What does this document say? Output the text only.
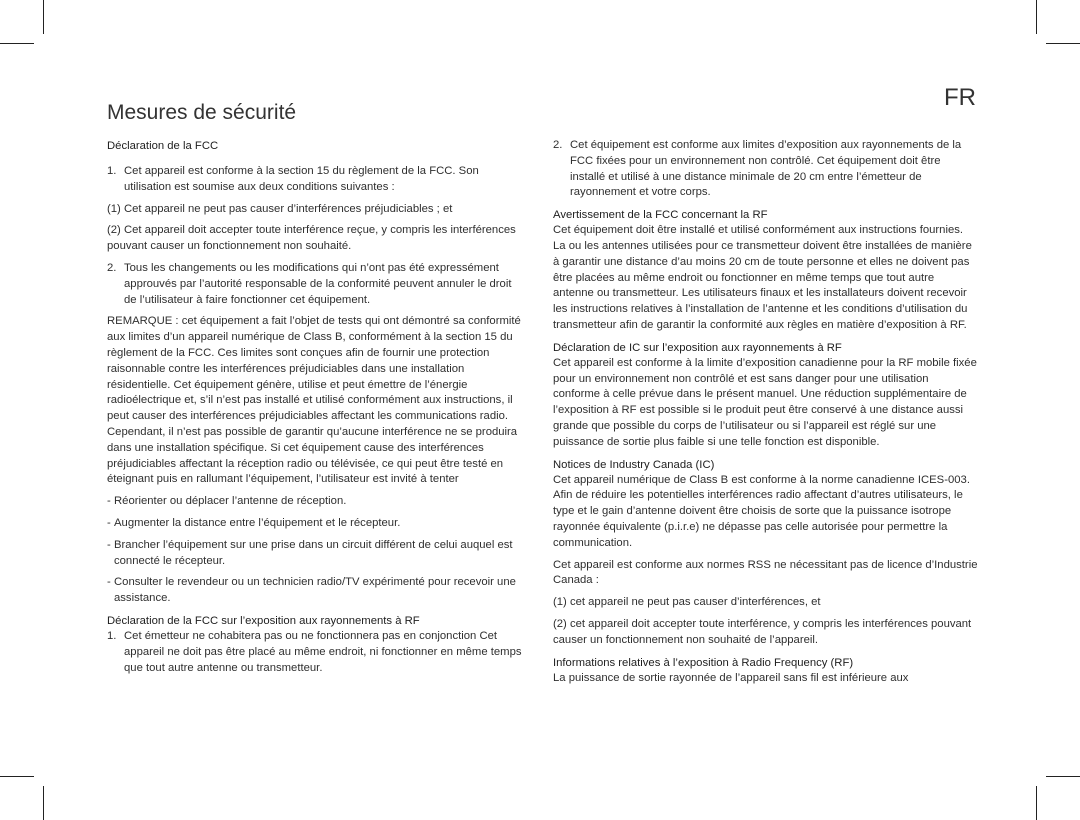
FR
Mesures de sécurité
Déclaration de la FCC
1. Cet appareil est conforme à la section 15 du règlement de la FCC. Son utilisation est soumise aux deux conditions suivantes :

(1) Cet appareil ne peut pas causer d’interférences préjudiciables ; et

(2) Cet appareil doit accepter toute interférence reçue, y compris les interférences pouvant causer un fonctionnement non souhaité.

2. Tous les changements ou les modifications qui n’ont pas été expressément approuvés par l’autorité responsable de la conformité peuvent annuler le droit de l’utilisateur à faire fonctionner cet équipement.

REMARQUE : cet équipement a fait l’objet de tests qui ont démontré sa conformité aux limites d’un appareil numérique de Class B, conformément à la section 15 du règlement de la FCC. Ces limites sont conçues afin de fournir une protection raisonnable contre les interférences préjudiciables dans une installation résidentielle. Cet équipement génère, utilise et peut émettre de l’énergie radioélectrique et, s’il n’est pas installé et utilisé conformément aux instructions, il peut causer des interférences préjudiciables affectant les communications radio. Cependant, il n’est pas possible de garantir qu’aucune interférence ne se produira dans une installation spécifique. Si cet équipement cause des interférences préjudiciables affectant la réception radio ou télévisée, ce qui peut être testé en éteignant puis en rallumant l’équipement, l’utilisateur est invité à tenter

- Réorienter ou déplacer l’antenne de réception.
- Augmenter la distance entre l’équipement et le récepteur.
- Brancher l’équipement sur une prise dans un circuit différent de celui auquel est connecté le récepteur.
- Consulter le revendeur ou un technicien radio/TV expérimenté pour recevoir une assistance.
Déclaration de la FCC sur l’exposition aux rayonnements à RF
1. Cet émetteur ne cohabitera pas ou ne fonctionnera pas en conjonction Cet appareil ne doit pas être placé au même endroit, ni fonctionner en même temps que tout autre antenne ou transmetteur.
2. Cet équipement est conforme aux limites d’exposition aux rayonnements de la FCC fixées pour un environnement non contrôlé. Cet équipement doit être installé et utilisé à une distance minimale de 20 cm entre l’émetteur de rayonnement et votre corps.
Avertissement de la FCC concernant la RF

Cet équipement doit être installé et utilisé conformément aux instructions fournies. La ou les antennes utilisées pour ce transmetteur doivent être installées de manière à garantir une distance d’au moins 20 cm de toute personne et elles ne doivent pas être placées au même endroit ou fonctionner en même temps que tout autre antenne ou transmetteur. Les utilisateurs finaux et les installateurs doivent recevoir les instructions relatives à l’installation de l’antenne et les conditions d’utilisation du transmetteur afin de garantir la conformité aux règles en matière d’exposition à RF.

Déclaration de IC sur l’exposition aux rayonnements à RF

Cet appareil est conforme à la limite d’exposition canadienne pour la RF mobile fixée pour un environnement non contrôlé et est sans danger pour une utilisation conforme à celle prévue dans le présent manuel. Une réduction supplémentaire de l’exposition à RF est possible si le produit peut être conservé à une distance aussi grande que possible du corps de l’utilisateur ou si l’appareil est réglé sur une puissance de sortie plus faible si une telle fonction est disponible.

Notices de Industry Canada (IC)

Cet appareil numérique de Class B est conforme à la norme canadienne ICES-003. Afin de réduire les potentielles interférences radio affectant d’autres utilisateurs, le type et le gain d’antenne doivent être choisis de sorte que la puissance isotrope rayonnée équivalente (p.i.r.e) ne dépasse pas celle autorisée pour permettre la communication.

Cet appareil est conforme aux normes RSS ne nécessitant pas de licence d’Industrie Canada :

(1) cet appareil ne peut pas causer d’interférences, et

(2) cet appareil doit accepter toute interférence, y compris les interférences pouvant causer un fonctionnement non souhaité de l’appareil.

Informations relatives à l’exposition à Radio Frequency (RF)

La puissance de sortie rayonnée de l’appareil sans fil est inférieure aux
